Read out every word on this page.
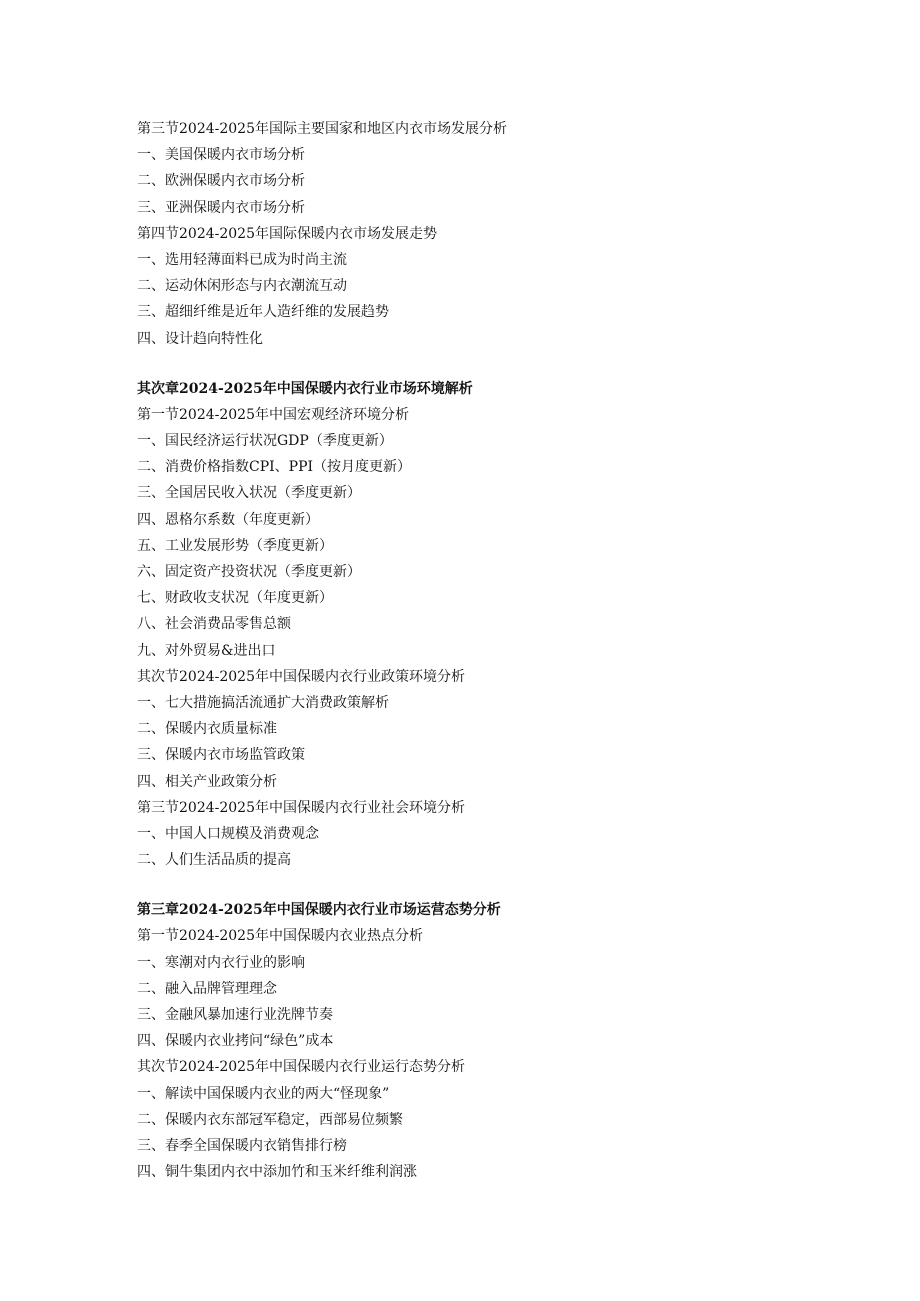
第三节2024-2025年国际主要国家和地区内衣市场发展分析
一、美国保暖内衣市场分析
二、欧洲保暖内衣市场分析
三、亚洲保暖内衣市场分析
第四节2024-2025年国际保暖内衣市场发展走势
一、选用轻薄面料已成为时尚主流
二、运动休闲形态与内衣潮流互动
三、超细纤维是近年人造纤维的发展趋势
四、设计趋向特性化
其次章2024-2025年中国保暖内衣行业市场环境解析
第一节2024-2025年中国宏观经济环境分析
一、国民经济运行状况GDP（季度更新）
二、消费价格指数CPI、PPI（按月度更新）
三、全国居民收入状况（季度更新）
四、恩格尔系数（年度更新）
五、工业发展形势（季度更新）
六、固定资产投资状况（季度更新）
七、财政收支状况（年度更新）
八、社会消费品零售总额
九、对外贸易&进出口
其次节2024-2025年中国保暖内衣行业政策环境分析
一、七大措施搞活流通扩大消费政策解析
二、保暖内衣质量标准
三、保暖内衣市场监管政策
四、相关产业政策分析
第三节2024-2025年中国保暖内衣行业社会环境分析
一、中国人口规模及消费观念
二、人们生活品质的提高
第三章2024-2025年中国保暖内衣行业市场运营态势分析
第一节2024-2025年中国保暖内衣业热点分析
一、寒潮对内衣行业的影响
二、融入品牌管理理念
三、金融风暴加速行业洗牌节奏
四、保暖内衣业拷问“绿色”成本
其次节2024-2025年中国保暖内衣行业运行态势分析
一、解读中国保暖内衣业的两大“怪现象”
二、保暖内衣东部冠军稳定，西部易位频繁
三、春季全国保暖内衣销售排行榜
四、铜牛集团内衣中添加竹和玉米纤维利润涨
